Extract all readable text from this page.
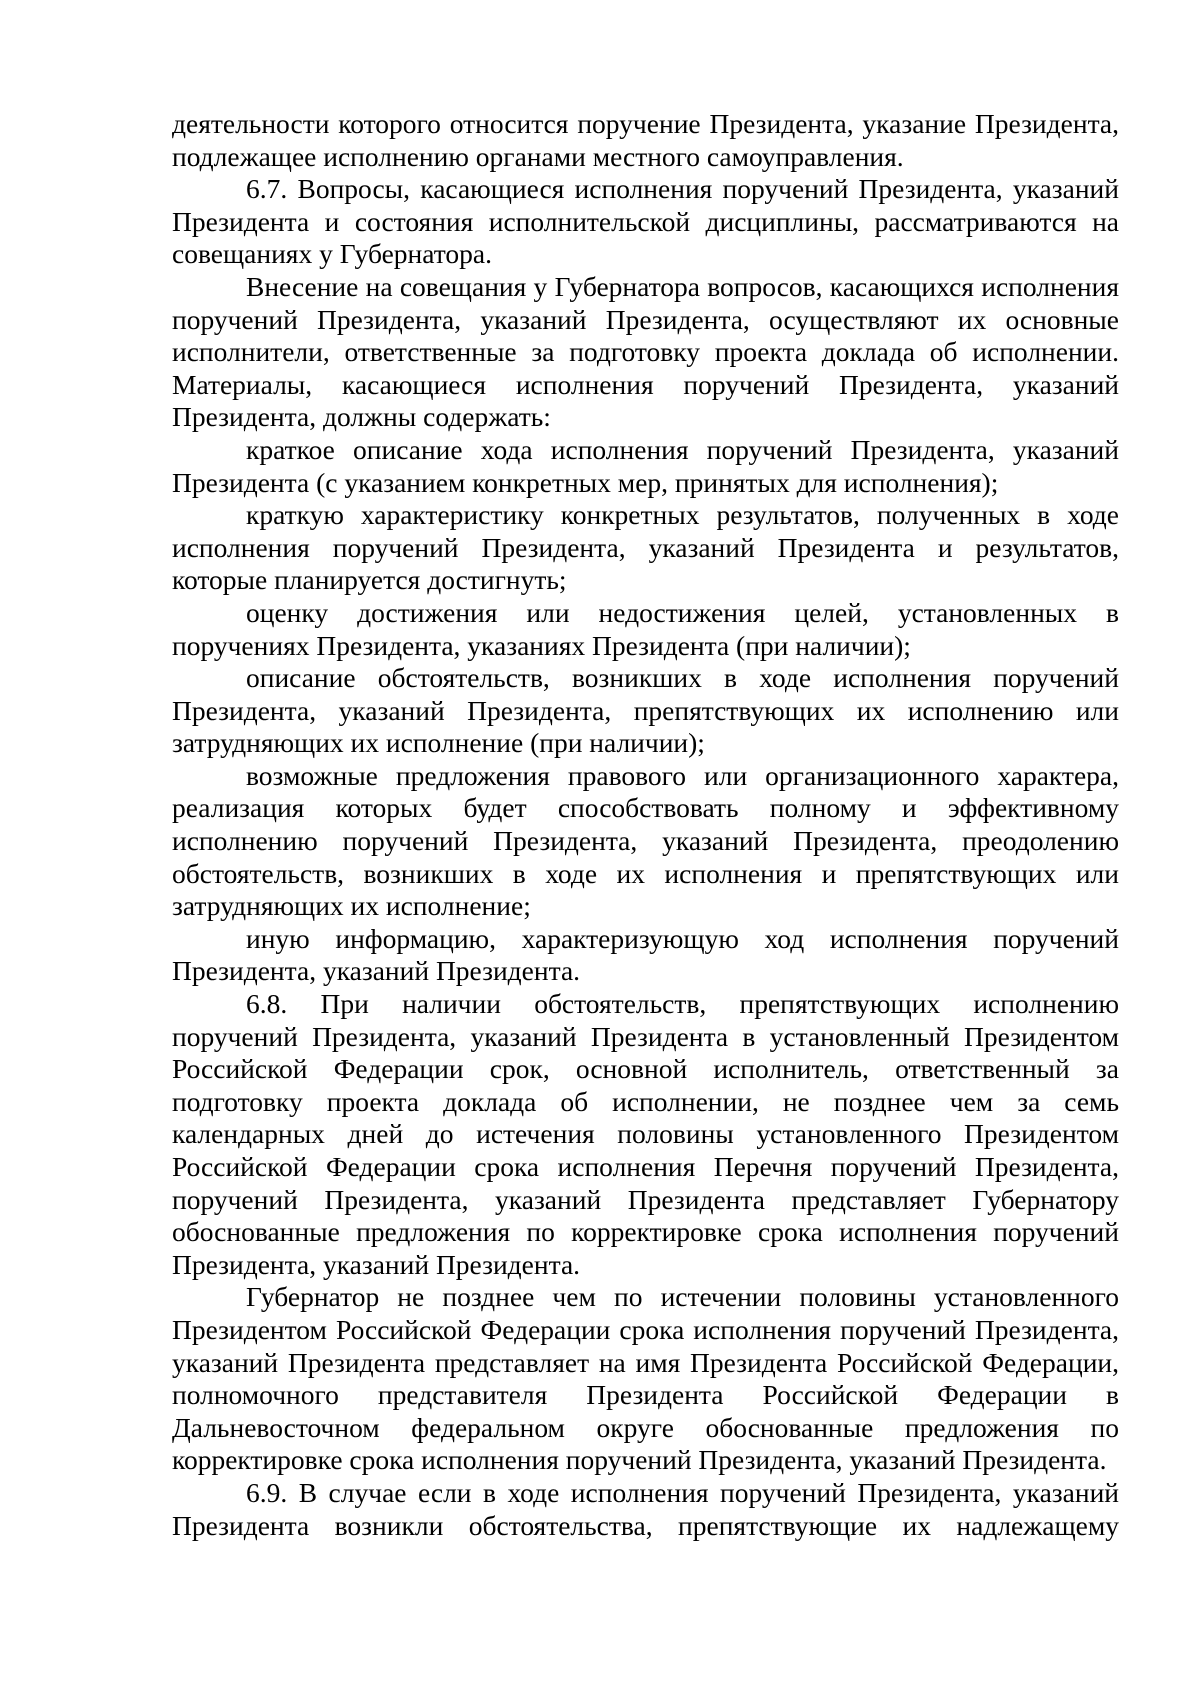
деятельности которого относится поручение Президента, указание Президента, подлежащее исполнению органами местного самоуправления.

6.7. Вопросы, касающиеся исполнения поручений Президента, указаний Президента и состояния исполнительской дисциплины, рассматриваются на совещаниях у Губернатора.

Внесение на совещания у Губернатора вопросов, касающихся исполнения поручений Президента, указаний Президента, осуществляют их основные исполнители, ответственные за подготовку проекта доклада об исполнении. Материалы, касающиеся исполнения поручений Президента, указаний Президента, должны содержать:

краткое описание хода исполнения поручений Президента, указаний Президента (с указанием конкретных мер, принятых для исполнения);

краткую характеристику конкретных результатов, полученных в ходе исполнения поручений Президента, указаний Президента и результатов, которые планируется достигнуть;

оценку достижения или недостижения целей, установленных в поручениях Президента, указаниях Президента (при наличии);

описание обстоятельств, возникших в ходе исполнения поручений Президента, указаний Президента, препятствующих их исполнению или затрудняющих их исполнение (при наличии);

возможные предложения правового или организационного характера, реализация которых будет способствовать полному и эффективному исполнению поручений Президента, указаний Президента, преодолению обстоятельств, возникших в ходе их исполнения и препятствующих или затрудняющих их исполнение;

иную информацию, характеризующую ход исполнения поручений Президента, указаний Президента.

6.8. При наличии обстоятельств, препятствующих исполнению поручений Президента, указаний Президента в установленный Президентом Российской Федерации срок, основной исполнитель, ответственный за подготовку проекта доклада об исполнении, не позднее чем за семь календарных дней до истечения половины установленного Президентом Российской Федерации срока исполнения Перечня поручений Президента, поручений Президента, указаний Президента представляет Губернатору обоснованные предложения по корректировке срока исполнения поручений Президента, указаний Президента.

Губернатор не позднее чем по истечении половины установленного Президентом Российской Федерации срока исполнения поручений Президента, указаний Президента представляет на имя Президента Российской Федерации, полномочного представителя Президента Российской Федерации в Дальневосточном федеральном округе обоснованные предложения по корректировке срока исполнения поручений Президента, указаний Президента.

6.9. В случае если в ходе исполнения поручений Президента, указаний Президента возникли обстоятельства, препятствующие их надлежащему
